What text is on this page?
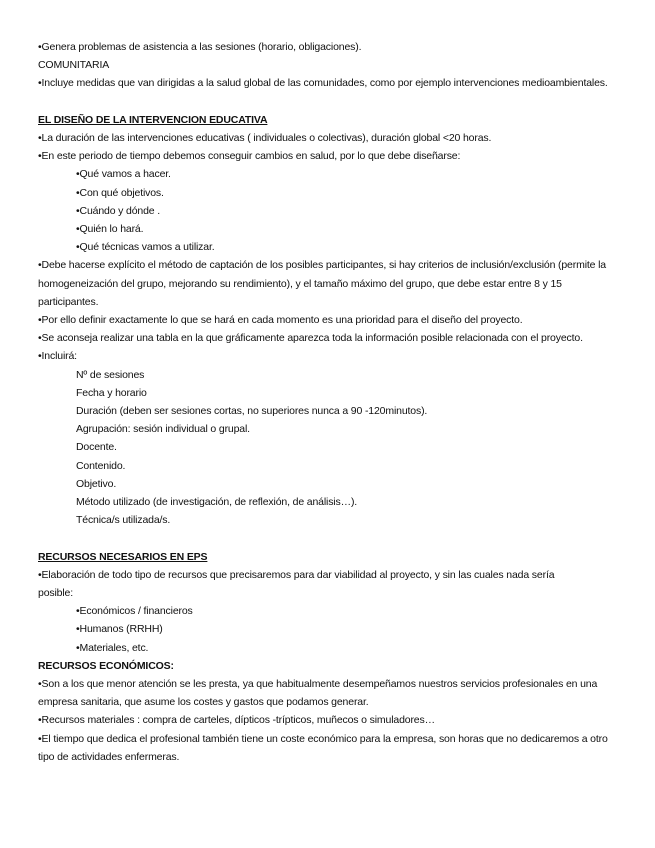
•Genera problemas de asistencia a las sesiones (horario, obligaciones).
COMUNITARIA
•Incluye medidas que van dirigidas a la salud global de las comunidades, como por ejemplo intervenciones medioambientales.
EL DISEÑO DE LA INTERVENCION EDUCATIVA
•La duración de las intervenciones educativas ( individuales o colectivas), duración global <20 horas.
•En este periodo de tiempo debemos conseguir cambios en salud, por lo que debe diseñarse:
•Qué vamos a hacer.
•Con qué objetivos.
•Cuándo y dónde .
•Quién lo hará.
•Qué técnicas vamos a utilizar.
•Debe hacerse explícito el método de captación de los posibles participantes, si hay criterios de inclusión/exclusión (permite la homogeneización del grupo, mejorando su rendimiento), y el tamaño máximo del grupo, que debe estar entre 8 y 15 participantes.
•Por ello definir exactamente lo que se hará en cada momento es una prioridad para el diseño del proyecto.
•Se aconseja realizar una tabla en la que gráficamente aparezca toda la información posible relacionada con el proyecto.
•Incluirá:
Nº de sesiones
Fecha y horario
Duración (deben ser sesiones cortas, no superiores nunca a 90 -120minutos).
Agrupación: sesión individual o grupal.
Docente.
Contenido.
Objetivo.
Método utilizado (de investigación, de reflexión, de análisis…).
Técnica/s utilizada/s.
RECURSOS NECESARIOS EN EPS
•Elaboración de todo tipo de recursos que precisaremos para dar viabilidad al proyecto, y sin las cuales nada sería posible:
•Económicos / financieros
•Humanos (RRHH)
•Materiales, etc.
RECURSOS ECONÓMICOS:
•Son a los que menor atención se les presta, ya que habitualmente desempeñamos nuestros servicios profesionales en una empresa sanitaria, que asume los costes y gastos que podamos generar.
•Recursos materiales : compra de carteles, dípticos -trípticos, muñecos o simuladores…
•El tiempo que dedica el profesional también tiene un coste económico para la empresa, son horas que no dedicaremos a otro tipo de actividades enfermeras.
